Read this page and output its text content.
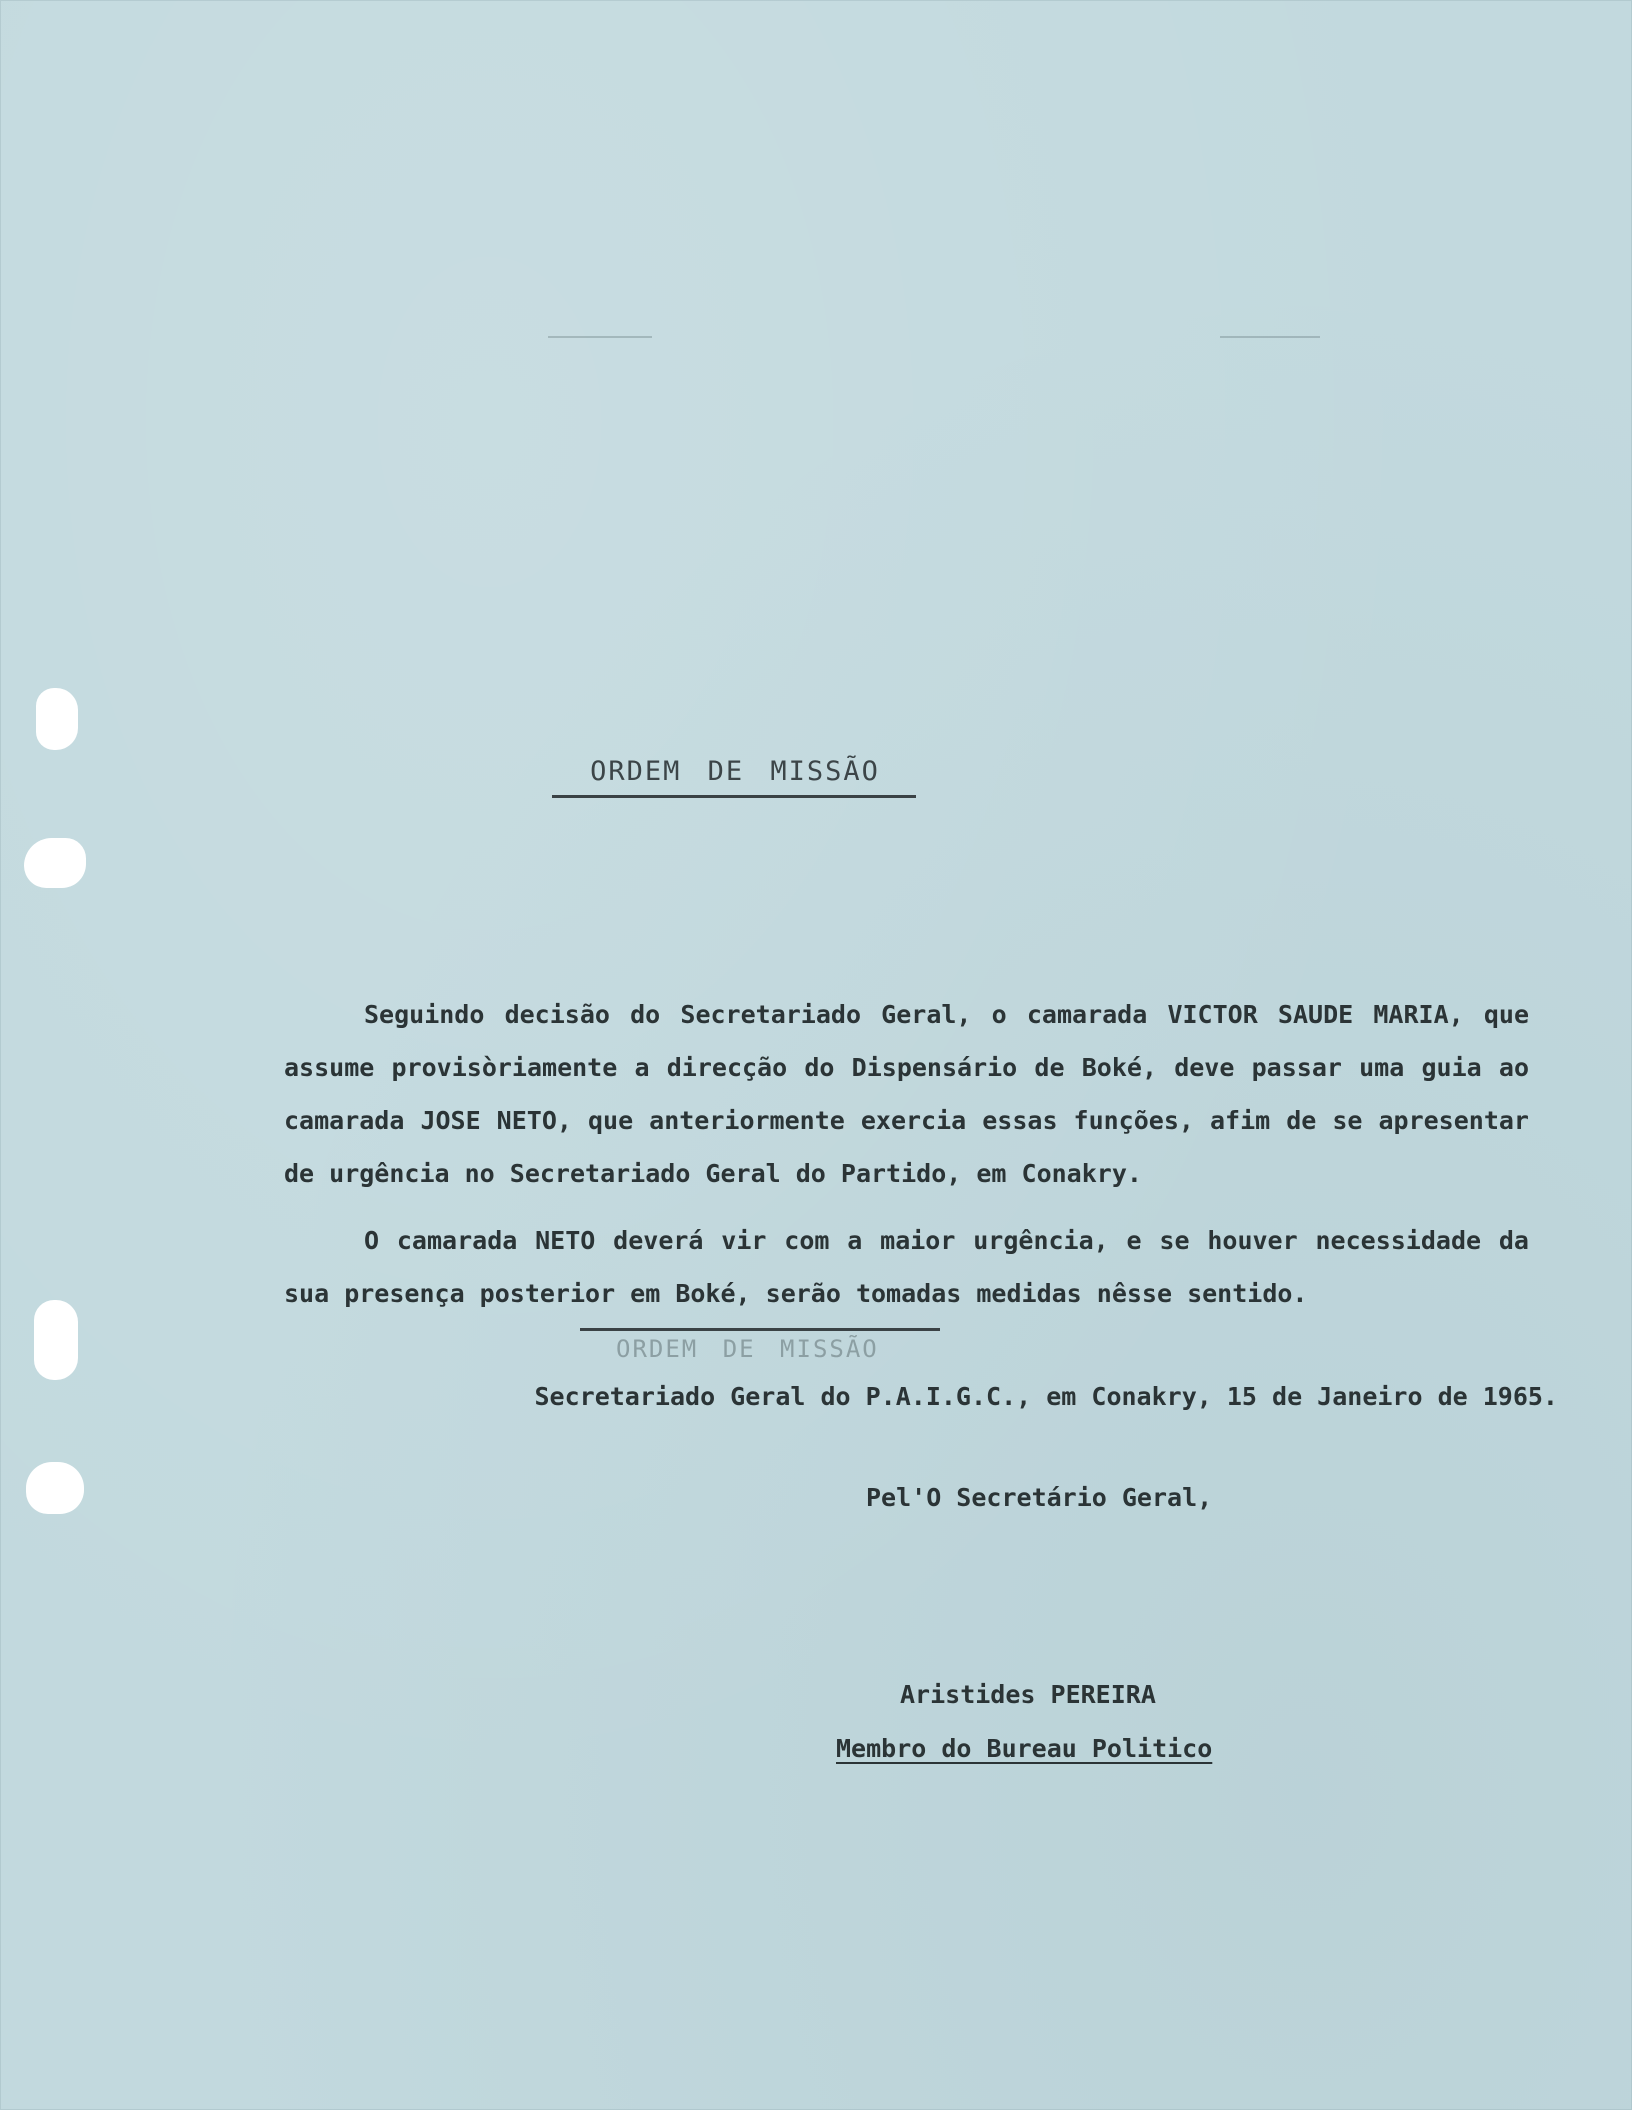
ORDEM DE MISSÃO

Seguindo decisão do Secretariado Geral, o camarada VICTOR SAUDE MARIA, que assume provisòriamente a direcção do Dispensário de Boké, deve passar uma guia ao camarada JOSE NETO, que anteriormente exercia essas funções, afim de se apresentar de urgência no Secretariado Geral do Partido, em Conakry.

O camarada NETO deverá vir com a maior urgência, e se houver necessidade da sua presença posterior em Boké, serão tomadas medidas nêsse sentido.

ORDEM DE MISSÃO
Secretariado Geral do P.A.I.G.C., em Conakry, 15 de Janeiro de 1965.
Pel'O Secretário Geral,
Aristides PEREIRA
Membro do Bureau Politico
